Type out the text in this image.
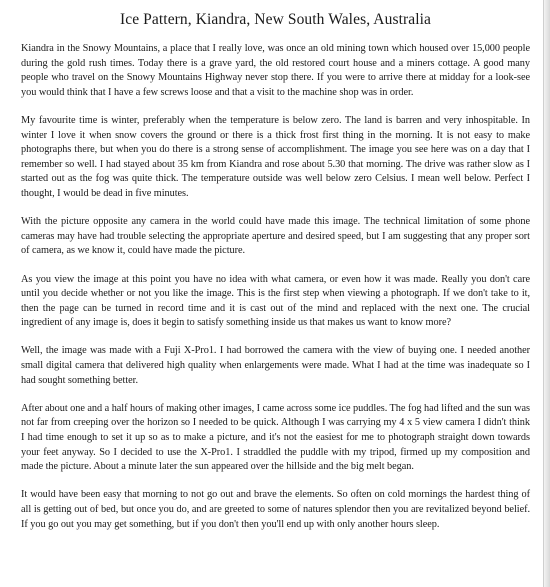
Ice Pattern, Kiandra, New South Wales, Australia

Kiandra in the Snowy Mountains, a place that I really love, was once an old mining town which housed over 15,000 people during the gold rush times. Today there is a grave yard, the old restored court house and a miners cottage. A good many people who travel on the Snowy Mountains Highway never stop there. If you were to arrive there at midday for a look-see you would think that I have a few screws loose and that a visit to the machine shop was in order.

My favourite time is winter, preferably when the temperature is below zero. The land is barren and very inhospitable. In winter I love it when snow covers the ground or there is a thick frost first thing in the morning. It is not easy to make photographs there, but when you do there is a strong sense of accomplishment. The image you see here was on a day that I remember so well. I had stayed about 35 km from Kiandra and rose about 5.30 that morning. The drive was rather slow as I started out as the fog was quite thick. The temperature outside was well below zero Celsius. I mean well below. Perfect I thought, I would be dead in five minutes.

With the picture opposite any camera in the world could have made this image. The technical limitation of some phone cameras may have had trouble selecting the appropriate aperture and desired speed, but I am suggesting that any proper sort of camera, as we know it, could have made the picture.

As you view the image at this point you have no idea with what camera, or even how it was made. Really you don't care until you decide whether or not you like the image. This is the first step when viewing a photograph. If we don't take to it, then the page can be turned in record time and it is cast out of the mind and replaced with the next one. The crucial ingredient of any image is, does it begin to satisfy something inside us that makes us want to know more?

Well, the image was made with a Fuji X-Pro1. I had borrowed the camera with the view of buying one. I needed another small digital camera that delivered high quality when enlargements were made. What I had at the time was inadequate so I had sought something better.

After about one and a half hours of making other images, I came across some ice puddles. The fog had lifted and the sun was not far from creeping over the horizon so I needed to be quick. Although I was carrying my 4 x 5 view camera I didn't think I had time enough to set it up so as to make a picture, and it's not the easiest for me to photograph straight down towards your feet anyway. So I decided to use the X-Pro1. I straddled the puddle with my tripod, firmed up my composition and made the picture. About a minute later the sun appeared over the hillside and the big melt began.

It would have been easy that morning to not go out and brave the elements. So often on cold mornings the hardest thing of all is getting out of bed, but once you do, and are greeted to some of natures splendor then you are revitalized beyond belief. If you go out you may get something, but if you don't then you'll end up with only another hours sleep.
